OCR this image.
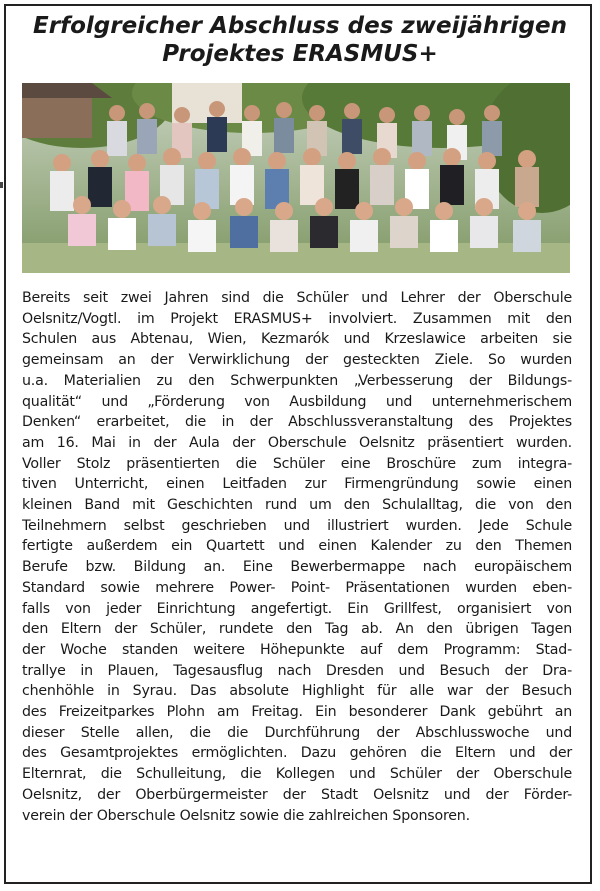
Erfolgreicher Abschluss des zweijährigen
Projektes ERASMUS+
Bereits seit zwei Jahren sind die Schüler und Lehrer der Oberschule
Oelsnitz/Vogtl. im Projekt ERASMUS+ involviert. Zusammen mit den
Schulen aus Abtenau, Wien, Kezmarók und Krzeslawice arbeiten sie
gemeinsam an der Verwirklichung der gesteckten Ziele. So wurden
u.a. Materialien zu den Schwerpunkten „Verbesserung der Bildungs-
qualität“ und „Förderung von Ausbildung und unternehmerischem
Denken“ erarbeitet, die in der Abschlussveranstaltung des Projektes
am 16. Mai in der Aula der Oberschule Oelsnitz präsentiert wurden.
Voller Stolz präsentierten die Schüler eine Broschüre zum integra-
tiven Unterricht, einen Leitfaden zur Firmengründung sowie einen
kleinen Band mit Geschichten rund um den Schulalltag, die von den
Teilnehmern selbst geschrieben und illustriert wurden. Jede Schule
fertigte außerdem ein Quartett und einen Kalender zu den Themen
Berufe bzw. Bildung an. Eine Bewerbermappe nach europäischem
Standard sowie mehrere Power- Point- Präsentationen wurden eben-
falls von jeder Einrichtung angefertigt. Ein Grillfest, organisiert von
den Eltern der Schüler, rundete den Tag ab. An den übrigen Tagen
der Woche standen weitere Höhepunkte auf dem Programm: Stad-
trallye in Plauen, Tagesausflug nach Dresden und Besuch der Dra-
chenhöhle in Syrau. Das absolute Highlight für alle war der Besuch
des Freizeitparkes Plohn am Freitag. Ein besonderer Dank gebührt an
dieser Stelle allen, die die Durchführung der Abschlusswoche und
des Gesamtprojektes ermöglichten. Dazu gehören die Eltern und der
Elternrat, die Schulleitung, die Kollegen und Schüler der Oberschule
Oelsnitz, der Oberbürgermeister der Stadt Oelsnitz und der Förder-
verein der Oberschule Oelsnitz sowie die zahlreichen Sponsoren.
